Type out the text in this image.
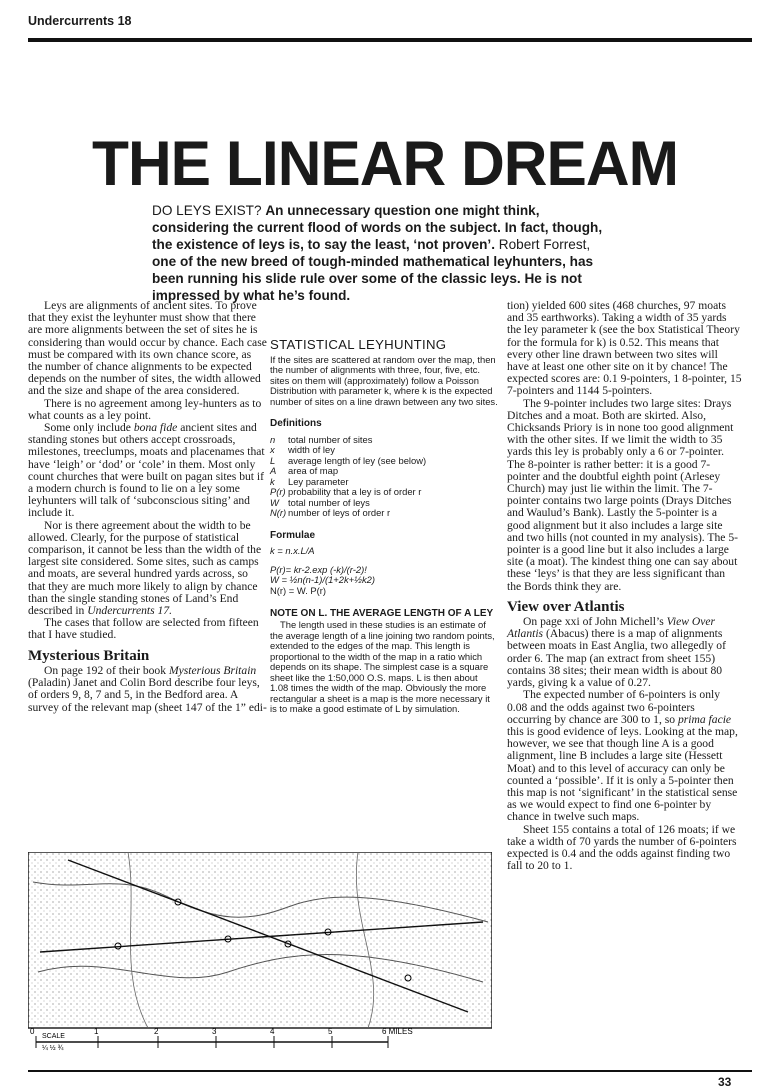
Undercurrents 18
THE LINEAR DREAM
DO LEYS EXIST? An unnecessary question one might think, considering the current flood of words on the subject. In fact, though, the existence of leys is, to say the least, ‘not proven’. Robert Forrest, one of the new breed of tough-minded mathematical leyhunters, has been running his slide rule over some of the classic leys. He is not impressed by what he’s found.

Leys are alignments of ancient sites. To prove that they exist the leyhunter must show that there are more alignments between the set of sites he is considering than would occur by chance. Each case must be compared with its own chance score, as the number of chance alignments to be expected depends on the number of sites, the width allowed and the size and shape of the area considered.

There is no agreement among ley-hunters as to what counts as a ley point.

Some only include bona fide ancient sites and standing stones but others accept crossroads, milestones, treeclumps, moats and placenames that have ‘leigh’ or ‘dod’ or ‘cole’ in them. Most only count churches that were built on pagan sites but if a modern church is found to lie on a ley some leyhunters will talk of ‘subconscious siting’ and include it.

Nor is there agreement about the width to be allowed. Clearly, for the purpose of statistical comparison, it cannot be less than the width of the largest site considered. Some sites, such as camps and moats, are several hundred yards across, so that they are much more likely to align by chance than the single standing stones of Land’s End described in Undercurrents 17.

The cases that follow are selected from fifteen that I have studied.

Mysterious Britain

On page 192 of their book Mysterious Britain (Paladin) Janet and Colin Bord describe four leys, of orders 9, 8, 7 and 5, in the Bedford area. A survey of the relevant map (sheet 147 of the 1” edi-

STATISTICAL LEYHUNTING

If the sites are scattered at random over the map, then the number of alignments with three, four, five, etc. sites on them will (approximately) follow a Poisson Distribution with parameter k, where k is the expected number of sites on a line drawn between any two sites.

Definitions
n	total number of sites
x	width of ley
L	average length of ley (see below)
A	area of map
k	Ley parameter
P(r) probability that a ley is of order r
W total number of leys
N(r) number of leys of order r
Formulae

k = n.x.L/A

P(r)= kr-2.exp (-k)/(r-2)!

W = ½n(n-1)/(1+2k+½k2)

N(r) = W. P(r)

NOTE ON L. THE AVERAGE LENGTH OF A LEY

The length used in these studies is an estimate of the average length of a line joining two random points, extended to the edges of the map. This length is proportional to the width of the map in a ratio which depends on its shape. The simplest case is a square sheet like the 1:50,000 O.S. maps. L is then about 1.08 times the width of the map. Obviously the more rectangular a sheet is a map is the more necessary it is to make a good estimate of L by simulation.

tion) yielded 600 sites (468 churches, 97 moats and 35 earthworks). Taking a width of 35 yards the ley parameter k (see the box Statistical Theory for the formula for k) is 0.52. This means that every other line drawn between two sites will have at least one other site on it by chance! The expected scores are: 0.1 9-pointers, 1 8-pointer, 15 7-pointers and 1144 5-pointers.

The 9-pointer includes two large sites: Drays Ditches and a moat. Both are skirted. Also, Chicksands Priory is in none too good alignment with the other sites. If we limit the width to 35 yards this ley is probably only a 6 or 7-pointer. The 8-pointer is rather better: it is a good 7-pointer and the doubtful eighth point (Arlesey Church) may just lie within the limit. The 7-pointer contains two large points (Drays Ditches and Waulud’s Bank). Lastly the 5-pointer is a good alignment but it also includes a large site and two hills (not counted in my analysis). The 5-pointer is a good line but it also includes a large site (a moat). The kindest thing one can say about these ‘leys’ is that they are less significant than the Bords think they are.

View over Atlantis

On page xxi of John Michell’s View Over Atlantis (Abacus) there is a map of alignments between moats in East Anglia, two allegedly of order 6. The map (an extract from sheet 155) contains 38 sites; their mean width is about 80 yards, giving k a value of 0.27.

The expected number of 6-pointers is only 0.08 and the odds against two 6-pointers occurring by chance are 300 to 1, so prima facie this is good evidence of leys. Looking at the map, however, we see that though line A is a good alignment, line B includes a large site (Hessett Moat) and to this level of accuracy can only be counted a ‘possible’. If it is only a 5-pointer then this map is not ‘significant’ in the statistical sense as we would expect to find one 6-pointer by chance in twelve such maps.

Sheet 155 contains a total of 126 moats; if we take a width of 70 yards the number of 6-pointers expected is 0.4 and the odds against finding two fall to 20 to 1.

SCALE
¼ ½ ¾
0	1	2	3	4	5	6 MILES
33
